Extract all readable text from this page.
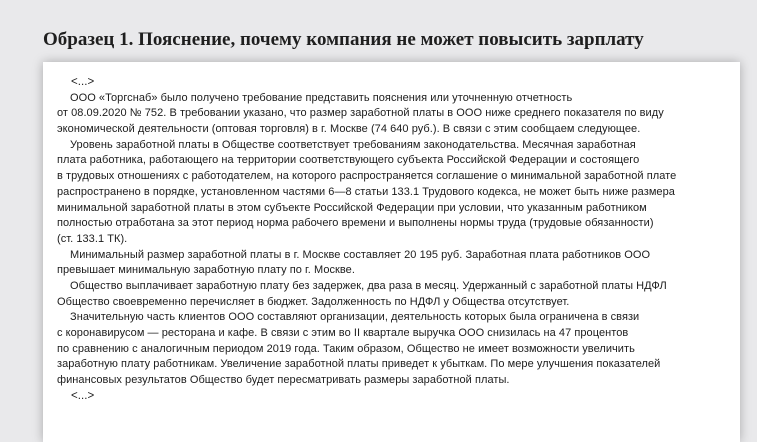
Образец 1. Пояснение, почему компания не может повысить зарплату
<...>
ООО «Торгснаб» было получено требование представить пояснения или уточненную отчетность
от 08.09.2020 № 752. В требовании указано, что размер заработной платы в ООО ниже среднего показателя по виду
экономической деятельности (оптовая торговля) в г. Москве (74 640 руб.). В связи с этим сообщаем следующее.
Уровень заработной платы в Обществе соответствует требованиям законодательства. Месячная заработная
плата работника, работающего на территории соответствующего субъекта Российской Федерации и состоящего
в трудовых отношениях с работодателем, на которого распространяется соглашение о минимальной заработной плате
распространено в порядке, установленном частями 6—8 статьи 133.1 Трудового кодекса, не может быть ниже размера
минимальной заработной платы в этом субъекте Российской Федерации при условии, что указанным работником
полностью отработана за этот период норма рабочего времени и выполнены нормы труда (трудовые обязанности)
(ст. 133.1 ТК).
Минимальный размер заработной платы в г. Москве составляет 20 195 руб. Заработная плата работников ООО
превышает минимальную заработную плату по г. Москве.
Общество выплачивает заработную плату без задержек, два раза в месяц. Удержанный с заработной платы НДФЛ
Общество своевременно перечисляет в бюджет. Задолженность по НДФЛ у Общества отсутствует.
Значительную часть клиентов ООО составляют организации, деятельность которых была ограничена в связи
с коронавирусом — ресторана и кафе. В связи с этим во II квартале выручка ООО снизилась на 47 процентов
по сравнению с аналогичным периодом 2019 года. Таким образом, Общество не имеет возможности увеличить
заработную плату работникам. Увеличение заработной платы приведет к убыткам. По мере улучшения показателей
финансовых результатов Общество будет пересматривать размеры заработной платы.
<...>
